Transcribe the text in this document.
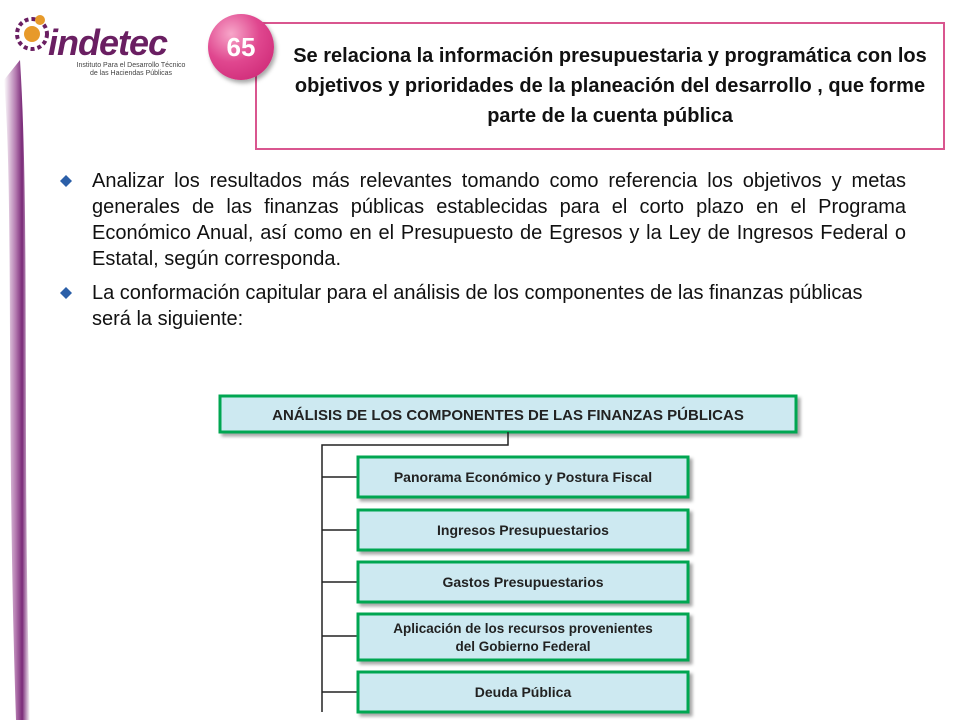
indetec
Instituto Para el Desarrollo Técnico
de las Haciendas Públicas

Se relaciona la información presupuestaria y programática con los objetivos y prioridades de la planeación del desarrollo , que forme parte de la cuenta pública

65
Analizar los resultados más relevantes tomando como referencia los objetivos y metas generales de las finanzas públicas establecidas para el corto plazo en el Programa Económico Anual, así como en el Presupuesto de Egresos y la Ley de Ingresos Federal o Estatal, según corresponda.
La conformación capitular para el análisis de los componentes de las finanzas públicas será la siguiente:
ANÁLISIS DE LOS COMPONENTES DE LAS FINANZAS PÚBLICAS
Panorama Económico y Postura Fiscal
Ingresos Presupuestarios
Gastos Presupuestarios
Aplicación de los recursos provenientes
del Gobierno Federal
Deuda Pública
